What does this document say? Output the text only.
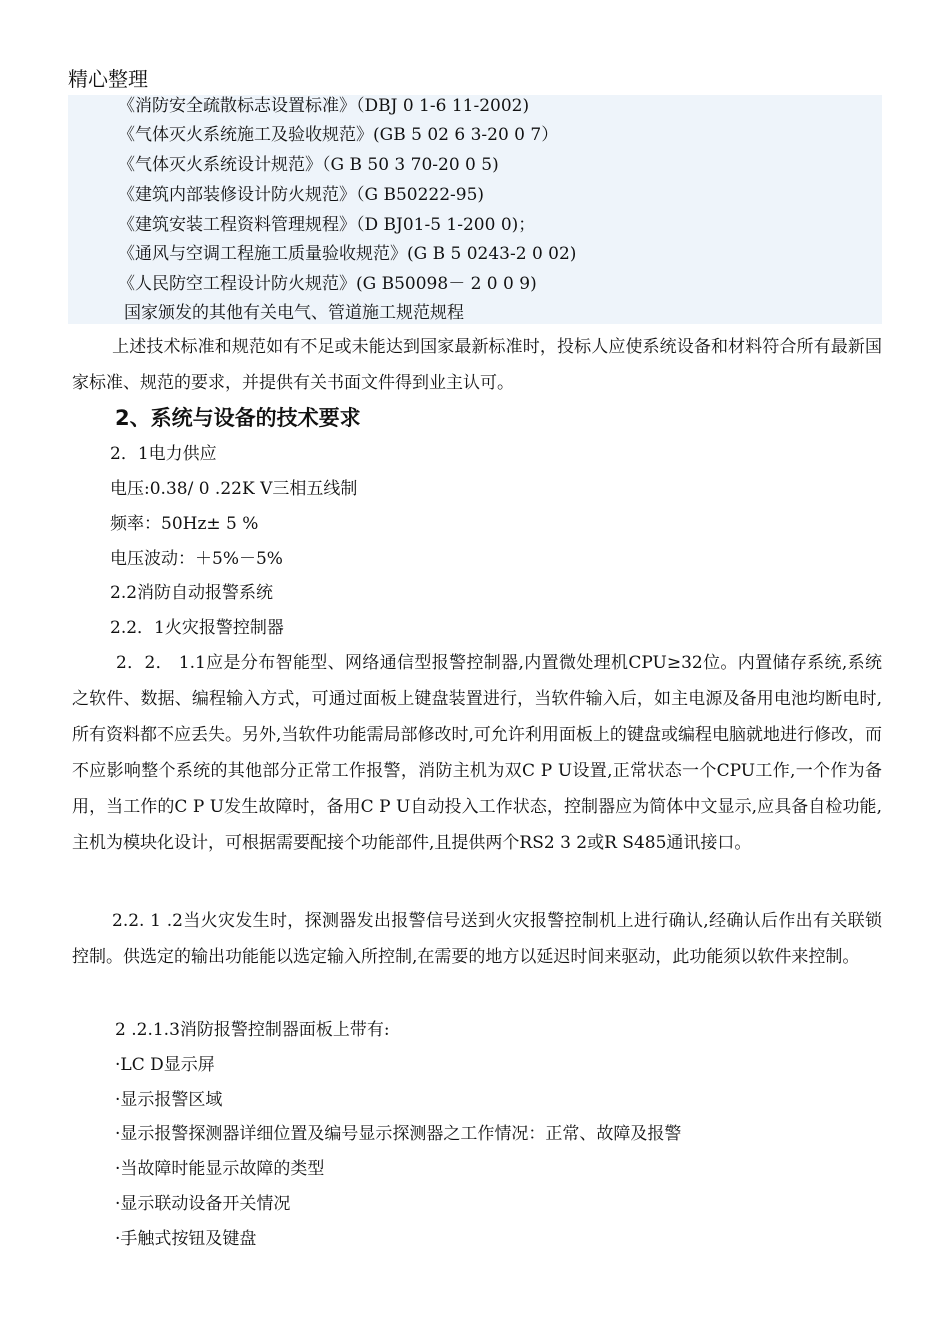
精心整理
《消防安全疏散标志设置标准》（DBJ 0 1-6 11-2002)
《气体灭火系统施工及验收规范》(GB 5 02 6 3-20 0 7）
《气体灭火系统设计规范》（G B 50 3 70-20 0 5)
《建筑内部装修设计防火规范》（G B50222-95)
《建筑安装工程资料管理规程》（D BJ01-5 1-200 0)；
《通风与空调工程施工质量验收规范》(G B 5 0243-2 0 02)
《人民防空工程设计防火规范》(G B50098－ 2 0 0 9)
国家颁发的其他有关电气、管道施工规范规程
上述技术标准和规范如有不足或未能达到国家最新标准时，投标人应使系统设备和材料符合所有最新国家标准、规范的要求，并提供有关书面文件得到业主认可。
2、系统与设备的技术要求
2．1电力供应
电压:0.38/ 0 .22K V三相五线制
频率：50Hz± 5 %
电压波动：＋5%－5%
2.2消防自动报警系统
2.2．1火灾报警控制器
2．2． 1.1应是分布智能型、网络通信型报警控制器,内置微处理机CPU≥32位。内置储存系统,系统之软件、数据、编程输入方式，可通过面板上键盘装置进行，当软件输入后，如主电源及备用电池均断电时,所有资料都不应丢失。另外,当软件功能需局部修改时,可允许利用面板上的键盘或编程电脑就地进行修改，而不应影响整个系统的其他部分正常工作报警，消防主机为双C P U设置,正常状态一个CPU工作,一个作为备用，当工作的C P U发生故障时，备用C P U自动投入工作状态，控制器应为简体中文显示,应具备自检功能,主机为模块化设计，可根据需要配接个功能部件,且提供两个RS2 3 2或R S485通讯接口。
2.2. 1 .2当火灾发生时，探测器发出报警信号送到火灾报警控制机上进行确认,经确认后作出有关联锁控制。供选定的输出功能能以选定输入所控制,在需要的地方以延迟时间来驱动，此功能须以软件来控制。
2 .2.1.3消防报警控制器面板上带有:
·LC D显示屏
·显示报警区域
·显示报警探测器详细位置及编号显示探测器之工作情况：正常、故障及报警
·当故障时能显示故障的类型
·显示联动设备开关情况
·手触式按钮及键盘
